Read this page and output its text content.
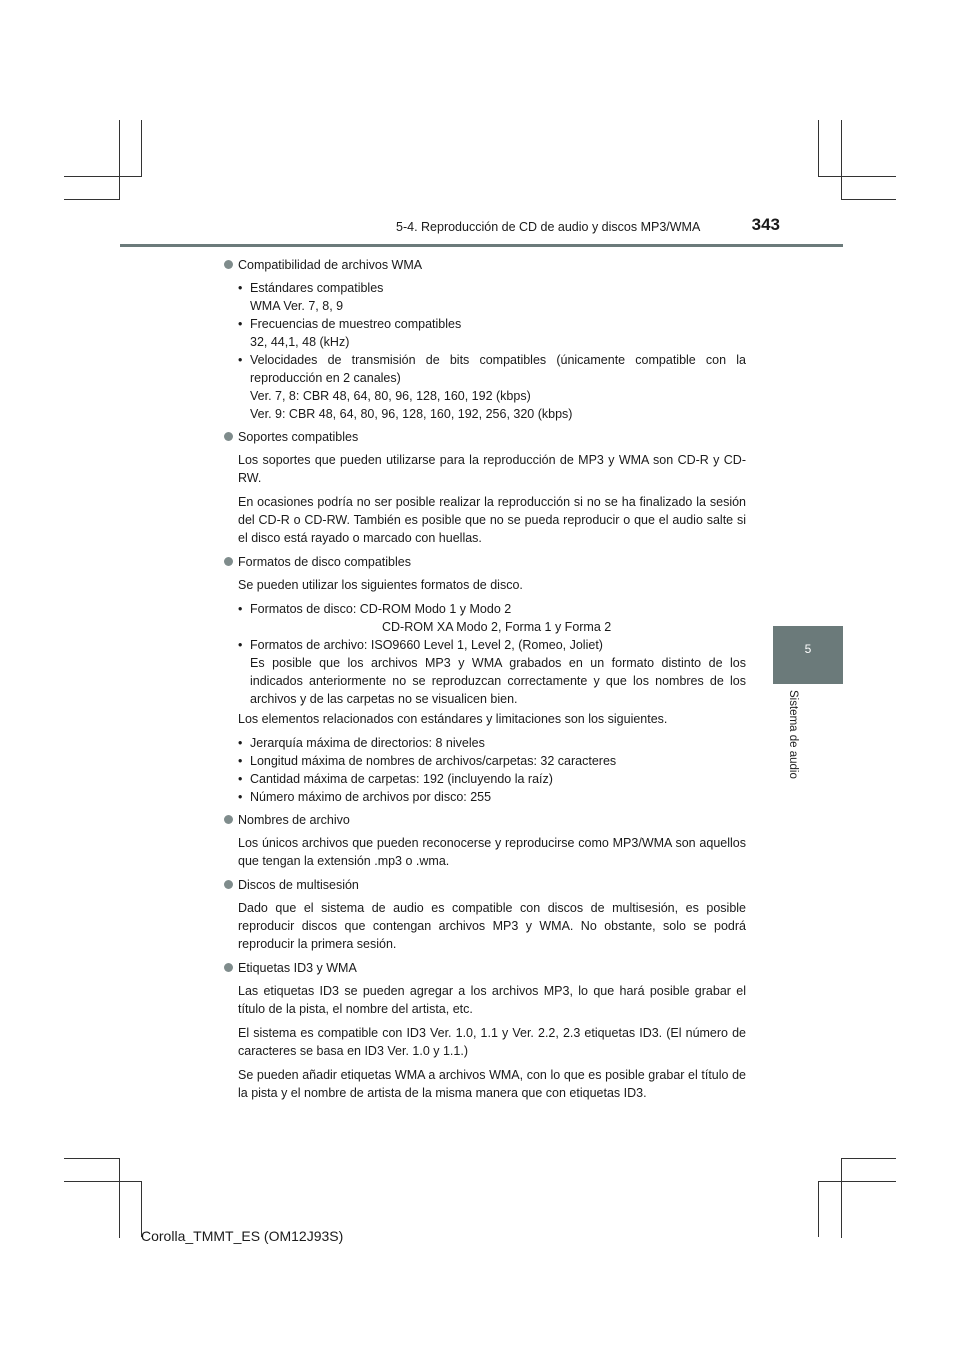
5-4. Reproducción de CD de audio y discos MP3/WMA	343
5
Sistema de audio
Compatibilidad de archivos WMA
• Estándares compatibles
WMA Ver. 7, 8, 9
• Frecuencias de muestreo compatibles
32, 44,1, 48 (kHz)
• Velocidades de transmisión de bits compatibles (únicamente compatible con la reproducción en 2 canales)
Ver. 7, 8: CBR 48, 64, 80, 96, 128, 160, 192 (kbps)
Ver. 9: CBR 48, 64, 80, 96, 128, 160, 192, 256, 320 (kbps)
Soportes compatibles

Los soportes que pueden utilizarse para la reproducción de MP3 y WMA son CD-R y CD-RW.

En ocasiones podría no ser posible realizar la reproducción si no se ha finalizado la sesión del CD-R o CD-RW. También es posible que no se pueda reproducir o que el audio salte si el disco está rayado o marcado con huellas.

Formatos de disco compatibles

Se pueden utilizar los siguientes formatos de disco.

• Formatos de disco: CD-ROM Modo 1 y Modo 2
CD-ROM XA Modo 2, Forma 1 y Forma 2
• Formatos de archivo: ISO9660 Level 1, Level 2, (Romeo, Joliet)
Es posible que los archivos MP3 y WMA grabados en un formato distinto de los indicados anteriormente no se reproduzcan correctamente y que los nombres de los archivos y de las carpetas no se visualicen bien.
Los elementos relacionados con estándares y limitaciones son los siguientes.
• Jerarquía máxima de directorios: 8 niveles
• Longitud máxima de nombres de archivos/carpetas: 32 caracteres
• Cantidad máxima de carpetas: 192 (incluyendo la raíz)
• Número máximo de archivos por disco: 255
Nombres de archivo

Los únicos archivos que pueden reconocerse y reproducirse como MP3/WMA son aquellos que tengan la extensión .mp3 o .wma.

Discos de multisesión

Dado que el sistema de audio es compatible con discos de multisesión, es posible reproducir discos que contengan archivos MP3 y WMA. No obstante, solo se podrá reproducir la primera sesión.

Etiquetas ID3 y WMA

Las etiquetas ID3 se pueden agregar a los archivos MP3, lo que hará posible grabar el título de la pista, el nombre del artista, etc.

El sistema es compatible con ID3 Ver. 1.0, 1.1 y Ver. 2.2, 2.3 etiquetas ID3. (El número de caracteres se basa en ID3 Ver. 1.0 y 1.1.)

Se pueden añadir etiquetas WMA a archivos WMA, con lo que es posible grabar el título de la pista y el nombre de artista de la misma manera que con etiquetas ID3.

Corolla_TMMT_ES (OM12J93S)
